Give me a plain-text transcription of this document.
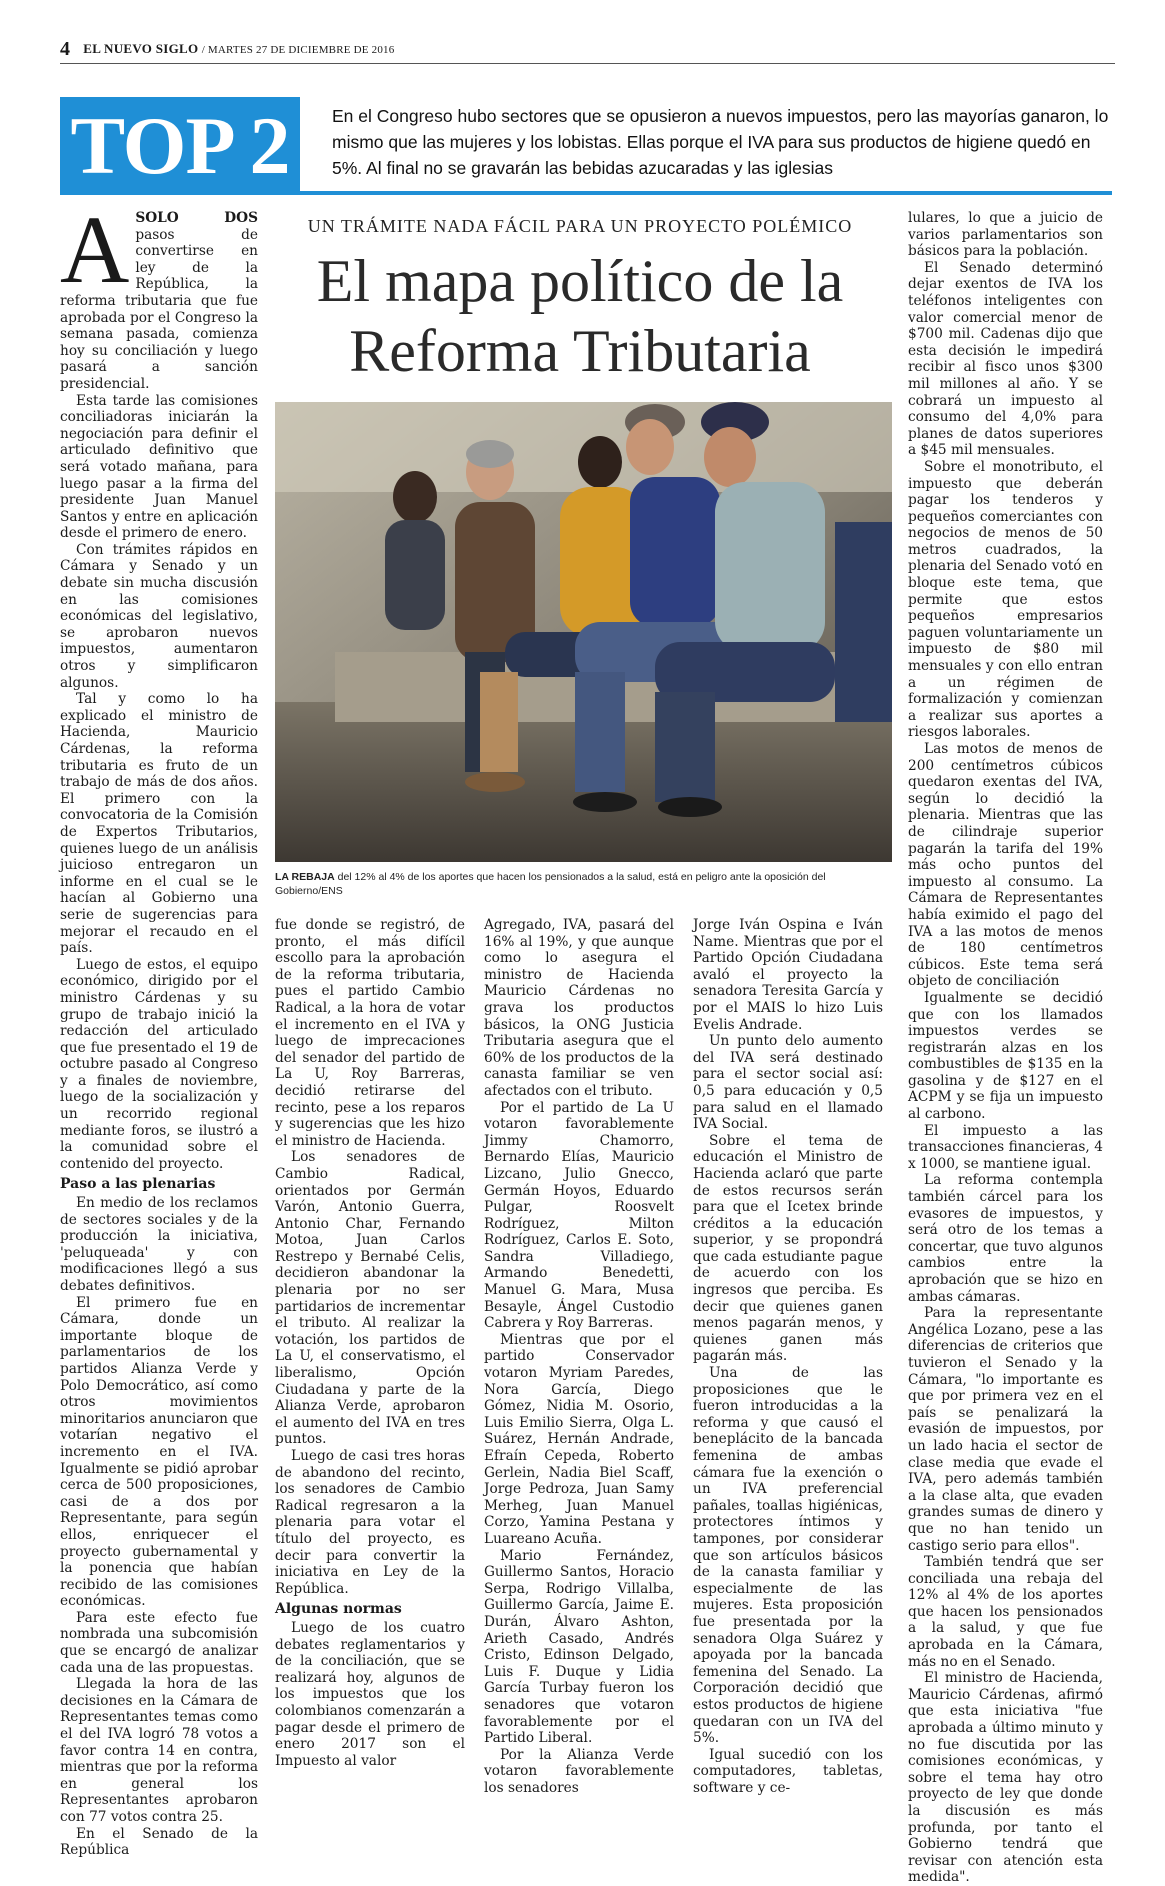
4 EL NUEVO SIGLO / MARTES 27 DE DICIEMBRE DE 2016
TOP 2	En el Congreso hubo sectores que se opusieron a nuevos impuestos, pero las mayorías ganaron, lo mismo que las mujeres y los lobistas. Ellas porque el IVA para sus productos de higiene quedó en 5%. Al final no se gravarán las bebidas azucaradas y las iglesias
UN TRÁMITE NADA FÁCIL PARA UN PROYECTO POLÉMICO
El mapa político de la Reforma Tributaria
LA REBAJA del 12% al 4% de los aportes que hacen los pensionados a la salud, está en peligro ante la oposición del Gobierno/ENS

ASOLO DOS pasos de convertirse en ley de la República, la reforma tributaria que fue aprobada por el Congreso la semana pasada, comienza hoy su conciliación y luego pasará a sanción presidencial.

Esta tarde las comisiones conciliadoras iniciarán la negociación para definir el articulado definitivo que será votado mañana, para luego pasar a la firma del presidente Juan Manuel Santos y entre en aplicación desde el primero de enero.

Con trámites rápidos en Cámara y Senado y un debate sin mucha discusión en las comisiones económicas del legislativo, se aprobaron nuevos impuestos, aumentaron otros y simplificaron algunos.

Tal y como lo ha explicado el ministro de Hacienda, Mauricio Cárdenas, la reforma tributaria es fruto de un trabajo de más de dos años. El primero con la convocatoria de la Comisión de Expertos Tributarios, quienes luego de un análisis juicioso entregaron un informe en el cual se le hacían al Gobierno una serie de sugerencias para mejorar el recaudo en el país.

Luego de estos, el equipo económico, dirigido por el ministro Cárdenas y su grupo de trabajo inició la redacción del articulado que fue presentado el 19 de octubre pasado al Congreso y a finales de noviembre, luego de la socialización y un recorrido regional mediante foros, se ilustró a la comunidad sobre el contenido del proyecto.

Paso a las plenarias

En medio de los reclamos de sectores sociales y de la producción la iniciativa, 'peluqueada' y con modificaciones llegó a sus debates definitivos.

El primero fue en Cámara, donde un importante bloque de parlamentarios de los partidos Alianza Verde y Polo Democrático, así como otros movimientos minoritarios anunciaron que votarían negativo el incremento en el IVA. Igualmente se pidió aprobar cerca de 500 proposiciones, casi de a dos por Representante, para según ellos, enriquecer el proyecto gubernamental y la ponencia que habían recibido de las comisiones económicas.

Para este efecto fue nombrada una subcomisión que se encargó de analizar cada una de las propuestas.

Llegada la hora de las decisiones en la Cámara de Representantes temas como el del IVA logró 78 votos a favor contra 14 en contra, mientras que por la reforma en general los Representantes aprobaron con 77 votos contra 25.

En el Senado de la República

fue donde se registró, de pronto, el más difícil escollo para la aprobación de la reforma tributaria, pues el partido Cambio Radical, a la hora de votar el incremento en el IVA y luego de imprecaciones del senador del partido de La U, Roy Barreras, decidió retirarse del recinto, pese a los reparos y sugerencias que les hizo el ministro de Hacienda.

Los senadores de Cambio Radical, orientados por Germán Varón, Antonio Guerra, Antonio Char, Fernando Motoa, Juan Carlos Restrepo y Bernabé Celis, decidieron abandonar la plenaria por no ser partidarios de incrementar el tributo. Al realizar la votación, los partidos de La U, el conservatismo, el liberalismo, Opción Ciudadana y parte de la Alianza Verde, aprobaron el aumento del IVA en tres puntos.

Luego de casi tres horas de abandono del recinto, los senadores de Cambio Radical regresaron a la plenaria para votar el título del proyecto, es decir para convertir la iniciativa en Ley de la República.

Algunas normas

Luego de los cuatro debates reglamentarios y de la conciliación, que se realizará hoy, algunos de los impuestos que los colombianos comenzarán a pagar desde el primero de enero 2017 son el Impuesto al valor

Agregado, IVA, pasará del 16% al 19%, y que aunque como lo asegura el ministro de Hacienda Mauricio Cárdenas no grava los productos básicos, la ONG Justicia Tributaria asegura que el 60% de los productos de la canasta familiar se ven afectados con el tributo.

Por el partido de La U votaron favorablemente Jimmy Chamorro, Bernardo Elías, Mauricio Lizcano, Julio Gnecco, Germán Hoyos, Eduardo Pulgar, Roosvelt Rodríguez, Milton Rodríguez, Carlos E. Soto, Sandra Villadiego, Armando Benedetti, Manuel G. Mara, Musa Besayle, Ángel Custodio Cabrera y Roy Barreras.

Mientras que por el partido Conservador votaron Myriam Paredes, Nora García, Diego Gómez, Nidia M. Osorio, Luis Emilio Sierra, Olga L. Suárez, Hernán Andrade, Efraín Cepeda, Roberto Gerlein, Nadia Biel Scaff, Jorge Pedroza, Juan Samy Merheg, Juan Manuel Corzo, Yamina Pestana y Luareano Acuña.

Mario Fernández, Guillermo Santos, Horacio Serpa, Rodrigo Villalba, Guillermo García, Jaime E. Durán, Álvaro Ashton, Arieth Casado, Andrés Cristo, Edinson Delgado, Luis F. Duque y Lidia García Turbay fueron los senadores que votaron favorablemente por el Partido Liberal.

Por la Alianza Verde votaron favorablemente los senadores

Jorge Iván Ospina e Iván Name. Mientras que por el Partido Opción Ciudadana avaló el proyecto la senadora Teresita García y por el MAIS lo hizo Luis Evelis Andrade.

Un punto delo aumento del IVA será destinado para el sector social así: 0,5 para educación y 0,5 para salud en el llamado IVA Social.

Sobre el tema de educación el Ministro de Hacienda aclaró que parte de estos recursos serán para que el Icetex brinde créditos a la educación superior, y se propondrá que cada estudiante pague de acuerdo con los ingresos que perciba. Es decir que quienes ganen menos pagarán menos, y quienes ganen más pagarán más.

Una de las proposiciones que le fueron introducidas a la reforma y que causó el beneplácito de la bancada femenina de ambas cámara fue la exención o un IVA preferencial pañales, toallas higiénicas, protectores íntimos y tampones, por considerar que son artículos básicos de la canasta familiar y especialmente de las mujeres. Esta proposición fue presentada por la senadora Olga Suárez y apoyada por la bancada femenina del Senado. La Corporación decidió que estos productos de higiene quedaran con un IVA del 5%.

Igual sucedió con los computadores, tabletas, software y ce-

lulares, lo que a juicio de varios parlamentarios son básicos para la población.

El Senado determinó dejar exentos de IVA los teléfonos inteligentes con valor comercial menor de $700 mil. Cadenas dijo que esta decisión le impedirá recibir al fisco unos $300 mil millones al año. Y se cobrará un impuesto al consumo del 4,0% para planes de datos superiores a $45 mil mensuales.

Sobre el monotributo, el impuesto que deberán pagar los tenderos y pequeños comerciantes con negocios de menos de 50 metros cuadrados, la plenaria del Senado votó en bloque este tema, que permite que estos pequeños empresarios paguen voluntariamente un impuesto de $80 mil mensuales y con ello entran a un régimen de formalización y comienzan a realizar sus aportes a riesgos laborales.

Las motos de menos de 200 centímetros cúbicos quedaron exentas del IVA, según lo decidió la plenaria. Mientras que las de cilindraje superior pagarán la tarifa del 19% más ocho puntos del impuesto al consumo. La Cámara de Representantes había eximido el pago del IVA a las motos de menos de 180 centímetros cúbicos. Este tema será objeto de conciliación

Igualmente se decidió que con los llamados impuestos verdes se registrarán alzas en los combustibles de $135 en la gasolina y de $127 en el ACPM y se fija un impuesto al carbono.

El impuesto a las transacciones financieras, 4 x 1000, se mantiene igual.

La reforma contempla también cárcel para los evasores de impuestos, y será otro de los temas a concertar, que tuvo algunos cambios entre la aprobación que se hizo en ambas cámaras.

Para la representante Angélica Lozano, pese a las diferencias de criterios que tuvieron el Senado y la Cámara, "lo importante es que por primera vez en el país se penalizará la evasión de impuestos, por un lado hacia el sector de clase media que evade el IVA, pero además también a la clase alta, que evaden grandes sumas de dinero y que no han tenido un castigo serio para ellos".

También tendrá que ser conciliada una rebaja del 12% al 4% de los aportes que hacen los pensionados a la salud, y que fue aprobada en la Cámara, más no en el Senado.

El ministro de Hacienda, Mauricio Cárdenas, afirmó que esta iniciativa "fue aprobada a último minuto y no fue discutida por las comisiones económicas, y sobre el tema hay otro proyecto de ley que donde la discusión es más profunda, por tanto el Gobierno tendrá que revisar con atención esta medida".
